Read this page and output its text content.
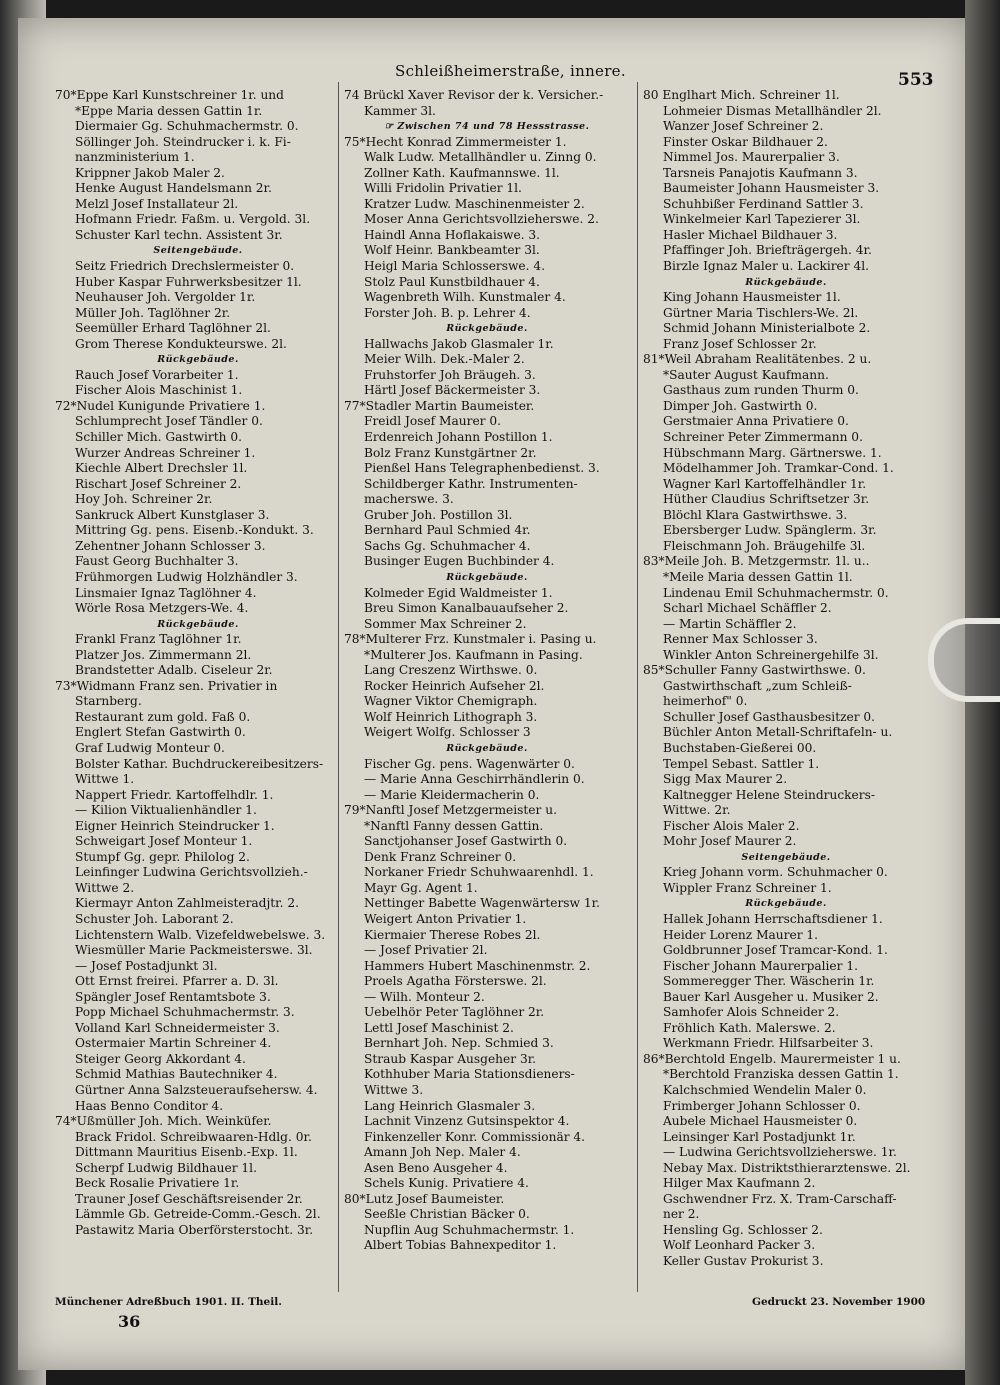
Schleißheimerstraße, innere.	553
70*Eppe Karl Kunstschreiner 1r. und
*Eppe Maria dessen Gattin 1r.
Diermaier Gg. Schuhmachermstr. 0.
Söllinger Joh. Steindrucker i. k. Fi-
nanzministerium 1.
Krippner Jakob Maler 2.
Henke August Handelsmann 2r.
Melzl Josef Installateur 2l.
Hofmann Friedr. Faßm. u. Vergold. 3l.
Schuster Karl techn. Assistent 3r.
Seitengebäude.
Seitz Friedrich Drechslermeister 0.
Huber Kaspar Fuhrwerksbesitzer 1l.
Neuhauser Joh. Vergolder 1r.
Müller Joh. Taglöhner 2r.
Seemüller Erhard Taglöhner 2l.
Grom Therese Konduktеurswe. 2l.
Rückgebäude.
Rauch Josef Vorarbeiter 1.
Fischer Alois Maschinist 1.
72*Nudel Kunigunde Privatiere 1.
Schlumprecht Josef Tändler 0.
Schiller Mich. Gastwirth 0.
Wurzer Andreas Schreiner 1.
Kiechle Albert Drechsler 1l.
Rischart Josef Schreiner 2.
Hoy Joh. Schreiner 2r.
Sankruck Albert Kunstglaser 3.
Mittring Gg. pens. Eisenb.-Kondukt. 3.
Zehentner Johann Schlosser 3.
Faust Georg Buchhalter 3.
Frühmorgen Ludwig Holzhändler 3.
Linsmaier Ignaz Taglöhner 4.
Wörle Rosa Metzgers-We. 4.
Rückgebäude.
Frankl Franz Taglöhner 1r.
Platzer Jos. Zimmermann 2l.
Brandstetter Adalb. Ciseleur 2r.
73*Widmann Franz sen. Privatier in
Starnberg.
Restaurant zum gold. Faß 0.
Englert Stefan Gastwirth 0.
Graf Ludwig Monteur 0.
Bolster Kathar. Buchdruckereibesitzers-
Wittwe 1.
Nappert Friedr. Kartoffelhdlr. 1.
— Kilion Viktualienhändler 1.
Eigner Heinrich Steindrucker 1.
Schweigart Josef Monteur 1.
Stumpf Gg. gepr. Philolog 2.
Leinfinger Ludwina Gerichtsvollzieh.-
Wittwe 2.
Kiermayr Anton Zahlmeisteradjtr. 2.
Schuster Joh. Laborant 2.
Lichtenstern Walb. Vizefeldwebelswe. 3.
Wiesmüller Marie Packmeisterswe. 3l.
— Josef Postadjunkt 3l.
Ott Ernst freireі. Pfarrer a. D. 3l.
Spängler Josef Rentamtsbote 3.
Popp Michael Schuhmachermstr. 3.
Volland Karl Schneidermeister 3.
Ostermaier Martin Schreiner 4.
Steiger Georg Akkordant 4.
Schmid Mathias Bautechniker 4.
Gürtner Anna Salzsteueraufsehersw. 4.
Haas Benno Conditor 4.
74*Ußmüller Joh. Mich. Weinküfer.
Brack Fridol. Schreibwaaren-Hdlg. 0r.
Dittmann Mauritius Eisenb.-Exp. 1l.
Scherpf Ludwig Bildhauer 1l.
Beck Rosalie Privatiere 1r.
Trauner Josef Geschäftsreisender 2r.
Lämmle Gb. Getreide-Comm.-Gesch. 2l.
Pastawitz Maria Oberförsterstocht. 3r.
74 Brückl Xaver Revisor der k. Versicher.-
Kammer 3l.
☞ Zwischen 74 und 78 Hessstrasse.
75*Hecht Konrad Zimmermeister 1.
Walk Ludw. Metallhändler u. Zinng 0.
Zollner Kath. Kaufmannswe. 1l.
Willi Fridolin Privatier 1l.
Kratzer Ludw. Maschinenmeister 2.
Moser Anna Gerichtsvollzieherswe. 2.
Haindl Anna Hoflakaiswe. 3.
Wolf Heinr. Bankbeamter 3l.
Heigl Maria Schlosserswe. 4.
Stolz Paul Kunstbildhauer 4.
Wagenbreth Wilh. Kunstmaler 4.
Forster Joh. B. p. Lehrer 4.
Rückgebäude.
Hallwachs Jakob Glasmaler 1r.
Meier Wilh. Dek.-Maler 2.
Fruhstorfer Joh Bräugeh. 3.
Härtl Josef Bäckermeister 3.
77*Stadler Martin Baumeister.
Freidl Josef Maurer 0.
Erdenreich Johann Postillon 1.
Bolz Franz Kunstgärtner 2r.
Pienßel Hans Telegraphenbedienst. 3.
Schildberger Kathr. Instrumenten-
macherswe. 3.
Gruber Joh. Postillon 3l.
Bernhard Paul Schmied 4r.
Sachs Gg. Schuhmacher 4.
Businger Eugen Buchbinder 4.
Rückgebäude.
Kolmeder Egid Waldmeister 1.
Breu Simon Kanalbauaufseher 2.
Sommer Max Schreiner 2.
78*Multerer Frz. Kunstmaler i. Pasing u.
*Multerer Jos. Kaufmann in Pasing.
Lang Creszenz Wirthswe. 0.
Rocker Heinrich Aufseher 2l.
Wagner Viktor Chemigraph.
Wolf Heinrich Lithograph 3.
Weigert Wolfg. Schlosser 3
Rückgebäude.
Fischer Gg. pens. Wagenwärter 0.
— Marie Anna Geschirrhändlerin 0.
— Marie Kleidermacherin 0.
79*Nanftl Josef Metzgermeister u.
*Nanftl Fanny dessen Gattin.
Sanctjohanser Josef Gastwirth 0.
Denk Franz Schreiner 0.
Norkaner Friedr Schuhwaarenhdl. 1.
Mayr Gg. Agent 1.
Nettinger Babette Wagenwärtersw 1r.
Weigert Anton Privatier 1.
Kiermaier Therese Robes 2l.
— Josef Privatier 2l.
Hammers Hubert Maschinenmstr. 2.
Proels Agatha Försterswe. 2l.
— Wilh. Monteur 2.
Uebelhör Peter Taglöhner 2r.
Lettl Josef Maschinist 2.
Bernhart Joh. Nep. Schmied 3.
Straub Kaspar Ausgeher 3r.
Kothhuber Maria Stationsdieners-
Wittwe 3.
Lang Heinrich Glasmaler 3.
Lachnit Vinzenz Gutsinspektor 4.
Finkenzeller Konr. Commissionär 4.
Amann Joh Nep. Maler 4.
Asen Beno Ausgeher 4.
Schels Kunig. Privatiere 4.
80*Lutz Josef Baumeister.
Seeßle Christian Bäcker 0.
Nupflin Aug Schuhmachermstr. 1.
Albert Tobias Bahnexpeditor 1.
80 Englhart Mich. Schreiner 1l.
Lohmeier Dismas Metallhändler 2l.
Wanzer Josef Schreiner 2.
Finster Oskar Bildhauer 2.
Nimmel Jos. Maurerpalier 3.
Tarsneis Panajotis Kaufmann 3.
Baumeister Johann Hausmeister 3.
Schuhbißer Ferdinand Sattler 3.
Winkelmeier Karl Tapezierer 3l.
Hasler Michael Bildhauer 3.
Pfaffinger Joh. Briefträgergeh. 4r.
Birzle Ignaz Maler u. Lackirer 4l.
Rückgebäude.
King Johann Hausmeister 1l.
Gürtner Maria Tischlers-We. 2l.
Schmid Johann Ministerialbote 2.
Franz Josef Schlosser 2r.
81*Weil Abraham Realitätenbes. 2 u.
*Sauter August Kaufmann.
Gasthaus zum runden Thurm 0.
Dimper Joh. Gastwirth 0.
Gerstmaier Anna Privatiere 0.
Schreiner Peter Zimmermann 0.
Hübschmann Marg. Gärtnerswe. 1.
Mödelhammer Joh. Tramkar-Cond. 1.
Wagner Karl Kartoffelhändler 1r.
Hüther Claudius Schriftsetzer 3r.
Blöchl Klara Gastwirthswe. 3.
Ebersberger Ludw. Spänglerm. 3r.
Fleischmann Joh. Bräugehilfe 3l.
83*Meile Joh. B. Metzgermstr. 1l. u..
*Meile Maria dessen Gattin 1l.
Lindenau Emil Schuhmachermstr. 0.
Scharl Michael Schäffler 2.
— Martin Schäffler 2.
Renner Max Schlosser 3.
Winkler Anton Schreinergehilfe 3l.
85*Schuller Fanny Gastwirthswe. 0.
Gastwirthschaft „zum Schleiß-
heimerhof" 0.
Schuller Josef Gasthausbesitzer 0.
Büchler Anton Metall-Schriftafeln- u.
Buchstaben-Gießerei 00.
Tempel Sebast. Sattler 1.
Sigg Max Maurer 2.
Kaltnegger Helene Steindruckers-
Wittwe. 2r.
Fischer Alois Maler 2.
Mohr Josef Maurer 2.
Seitengebäude.
Krieg Johann vorm. Schuhmacher 0.
Wippler Franz Schreiner 1.
Rückgebäude.
Hallek Johann Herrschaftsdiener 1.
Heider Lorenz Maurer 1.
Goldbrunner Josef Tramcar-Kond. 1.
Fischer Johann Maurerpalier 1.
Sommeregger Ther. Wäscherin 1r.
Bauer Karl Ausgeher u. Musiker 2.
Samhofer Alois Schneider 2.
Fröhlich Kath. Malerswe. 2.
Werkmann Friedr. Hilfsarbeiter 3.
86*Berchtold Engelb. Maurermeister 1 u.
*Berchtold Franziska dessen Gattin 1.
Kalchschmied Wendelin Maler 0.
Frimberger Johann Schlosser 0.
Aubele Michael Hausmeister 0.
Leinsinger Karl Postadjunkt 1r.
— Ludwina Gerichtsvollzieherswe. 1r.
Nebay Max. Distriktsthierarztenswe. 2l.
Hilger Max Kaufmann 2.
Gschwendner Frz. X. Tram-Carschaff-
ner 2.
Hensling Gg. Schlosser 2.
Wolf Leonhard Packer 3.
Keller Gustav Prokurist 3.
Münchener Adreßbuch 1901. II. Theil.	Gedruckt 23. November 1900
36
